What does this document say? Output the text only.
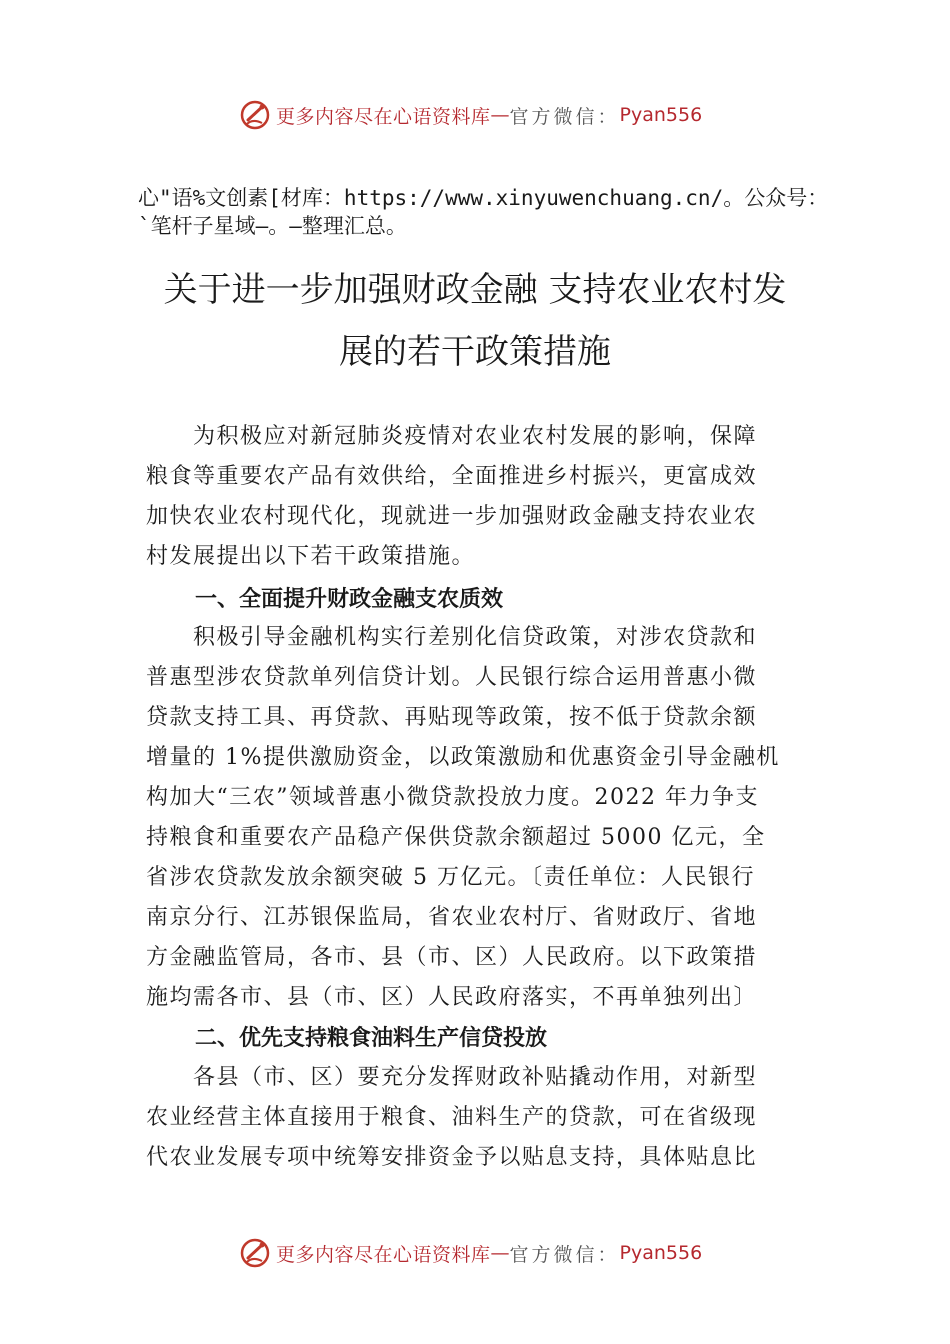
更多内容尽在心语资料库 — 官方微信： Pyan556
心"语%文创素[材库：https://www.xinyuwenchuang.cn/。公众号：`笔杆子星域—。—整理汇总。
关于进一步加强财政金融 支持农业农村发
展的若干政策措施

　　为积极应对新冠肺炎疫情对农业农村发展的影响，保障

粮食等重要农产品有效供给，全面推进乡村振兴，更富成效

加快农业农村现代化，现就进一步加强财政金融支持农业农

村发展提出以下若干政策措施。

一、全面提升财政金融支农质效

　　积极引导金融机构实行差别化信贷政策，对涉农贷款和

普惠型涉农贷款单列信贷计划。人民银行综合运用普惠小微

贷款支持工具、再贷款、再贴现等政策，按不低于贷款余额

增量的 1%提供激励资金，以政策激励和优惠资金引导金融机

构加大“三农”领域普惠小微贷款投放力度。2022 年力争支

持粮食和重要农产品稳产保供贷款余额超过 5000 亿元，全

省涉农贷款发放余额突破 5 万亿元。〔责任单位：人民银行

南京分行、江苏银保监局，省农业农村厅、省财政厅、省地

方金融监管局，各市、县（市、区）人民政府。以下政策措

施均需各市、县（市、区）人民政府落实，不再单独列出〕

二、优先支持粮食油料生产信贷投放

　　各县（市、区）要充分发挥财政补贴撬动作用，对新型

农业经营主体直接用于粮食、油料生产的贷款，可在省级现

代农业发展专项中统筹安排资金予以贴息支持，具体贴息比

更多内容尽在心语资料库 — 官方微信： Pyan556
